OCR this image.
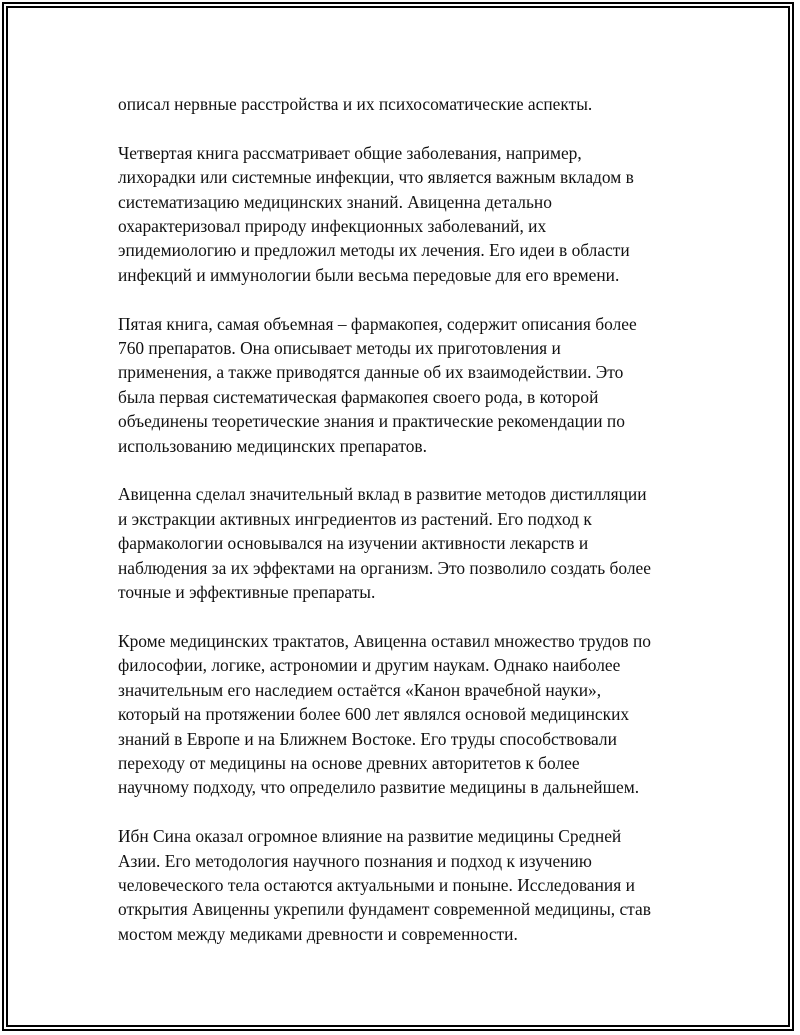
описал нервные расстройства и их психосоматические аспекты.

Четвертая книга рассматривает общие заболевания, например,
лихорадки или системные инфекции, что является важным вкладом в
систематизацию медицинских знаний. Авиценна детально
охарактеризовал природу инфекционных заболеваний, их
эпидемиологию и предложил методы их лечения. Его идеи в области
инфекций и иммунологии были весьма передовые для его времени.

Пятая книга, самая объемная – фармакопея, содержит описания более
760 препаратов. Она описывает методы их приготовления и
применения, а также приводятся данные об их взаимодействии. Это
была первая систематическая фармакопея своего рода, в которой
объединены теоретические знания и практические рекомендации по
использованию медицинских препаратов.

Авиценна сделал значительный вклад в развитие методов дистилляции
и экстракции активных ингредиентов из растений. Его подход к
фармакологии основывался на изучении активности лекарств и
наблюдения за их эффектами на организм. Это позволило создать более
точные и эффективные препараты.

Кроме медицинских трактатов, Авиценна оставил множество трудов по
философии, логике, астрономии и другим наукам. Однако наиболее
значительным его наследием остаётся «Канон врачебной науки»,
который на протяжении более 600 лет являлся основой медицинских
знаний в Европе и на Ближнем Востоке. Его труды способствовали
переходу от медицины на основе древних авторитетов к более
научному подходу, что определило развитие медицины в дальнейшем.

Ибн Сина оказал огромное влияние на развитие медицины Средней
Азии. Его методология научного познания и подход к изучению
человеческого тела остаются актуальными и поныне. Исследования и
открытия Авиценны укрепили фундамент современной медицины, став
мостом между медиками древности и современности.
